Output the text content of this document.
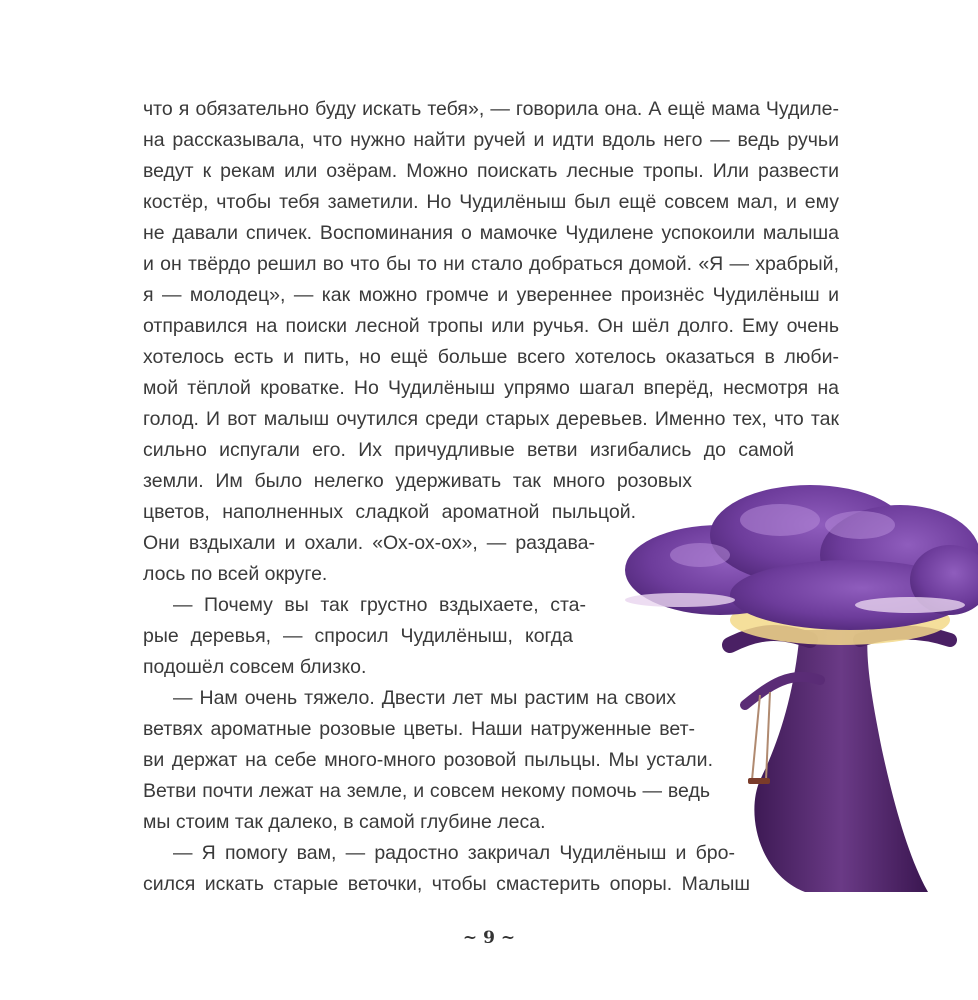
что я обязательно буду искать тебя», — говорила она. А ещё мама Чудиле-
на рассказывала, что нужно найти ручей и идти вдоль него — ведь ручьи
ведут к рекам или озёрам. Можно поискать лесные тропы. Или развести
костёр, чтобы тебя заметили. Но Чудилёныш был ещё совсем мал, и ему
не давали спичек. Воспоминания о мамочке Чудилене успокоили малыша
и он твёрдо решил во что бы то ни стало добраться домой. «Я — храбрый,
я — молодец», — как можно громче и увереннее произнёс Чудилёныш и
отправился на поиски лесной тропы или ручья. Он шёл долго. Ему очень
хотелось есть и пить, но ещё больше всего хотелось оказаться в люби-
мой тёплой кроватке. Но Чудилёныш упрямо шагал вперёд, несмотря на
голод. И вот малыш очутился среди старых деревьев. Именно тех, что так
сильно испугали его. Их причудливые ветви изгибались до самой
земли. Им было нелегко удерживать так много розовых
цветов, наполненных сладкой ароматной пыльцой.
Они вздыхали и охали. «Ох-ох-ох», — раздава-
лось по всей округе.
— Почему вы так грустно вздыхаете, ста-
рые деревья, — спросил Чудилёныш, когда
подошёл совсем близко.
— Нам очень тяжело. Двести лет мы растим на своих
ветвях ароматные розовые цветы. Наши натруженные вет-
ви держат на себе много-много розовой пыльцы. Мы устали.
Ветви почти лежат на земле, и совсем некому помочь — ведь
мы стоим так далеко, в самой глубине леса.
— Я помогу вам, — радостно закричал Чудилёныш и бро-
сился искать старые веточки, чтобы смастерить опоры. Малыш
~ 9 ~
